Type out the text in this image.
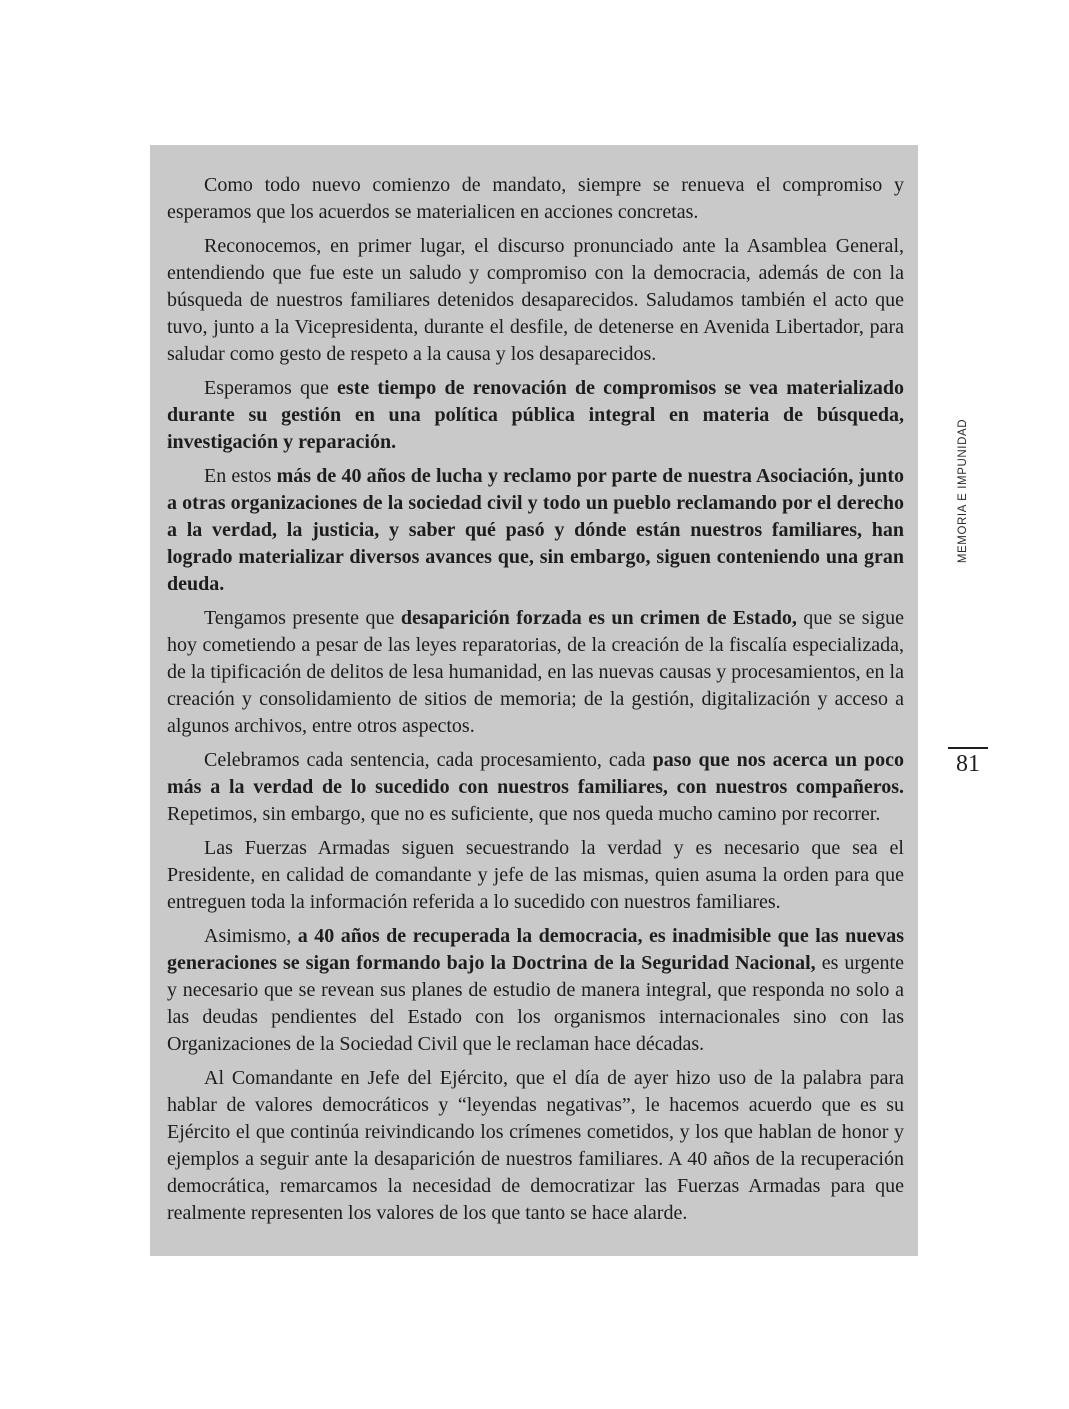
Como todo nuevo comienzo de mandato, siempre se renueva el compromiso y esperamos que los acuerdos se materialicen en acciones concretas.

Reconocemos, en primer lugar, el discurso pronunciado ante la Asamblea General, entendiendo que fue este un saludo y compromiso con la democracia, además de con la búsqueda de nuestros familiares detenidos desaparecidos. Saludamos también el acto que tuvo, junto a la Vicepresidenta, durante el desfile, de detenerse en Avenida Libertador, para saludar como gesto de respeto a la causa y los desaparecidos.

Esperamos que este tiempo de renovación de compromisos se vea materializado durante su gestión en una política pública integral en materia de búsqueda, investigación y reparación.

En estos más de 40 años de lucha y reclamo por parte de nuestra Asociación, junto a otras organizaciones de la sociedad civil y todo un pueblo reclamando por el derecho a la verdad, la justicia, y saber qué pasó y dónde están nuestros familiares, han logrado materializar diversos avances que, sin embargo, siguen conteniendo una gran deuda.

Tengamos presente que desaparición forzada es un crimen de Estado, que se sigue hoy cometiendo a pesar de las leyes reparatorias, de la creación de la fiscalía especializada, de la tipificación de delitos de lesa humanidad, en las nuevas causas y procesamientos, en la creación y consolidamiento de sitios de memoria; de la gestión, digitalización y acceso a algunos archivos, entre otros aspectos.

Celebramos cada sentencia, cada procesamiento, cada paso que nos acerca un poco más a la verdad de lo sucedido con nuestros familiares, con nuestros compañeros. Repetimos, sin embargo, que no es suficiente, que nos queda mucho camino por recorrer.

Las Fuerzas Armadas siguen secuestrando la verdad y es necesario que sea el Presidente, en calidad de comandante y jefe de las mismas, quien asuma la orden para que entreguen toda la información referida a lo sucedido con nuestros familiares.

Asimismo, a 40 años de recuperada la democracia, es inadmisible que las nuevas generaciones se sigan formando bajo la Doctrina de la Seguridad Nacional, es urgente y necesario que se revean sus planes de estudio de manera integral, que responda no solo a las deudas pendientes del Estado con los organismos internacionales sino con las Organizaciones de la Sociedad Civil que le reclaman hace décadas.

Al Comandante en Jefe del Ejército, que el día de ayer hizo uso de la palabra para hablar de valores democráticos y “leyendas negativas”, le hacemos acuerdo que es su Ejército el que continúa reivindicando los crímenes cometidos, y los que hablan de honor y ejemplos a seguir ante la desaparición de nuestros familiares. A 40 años de la recuperación democrática, remarcamos la necesidad de democratizar las Fuerzas Armadas para que realmente representen los valores de los que tanto se hace alarde.

MEMORIA E IMPUNIDAD
81
